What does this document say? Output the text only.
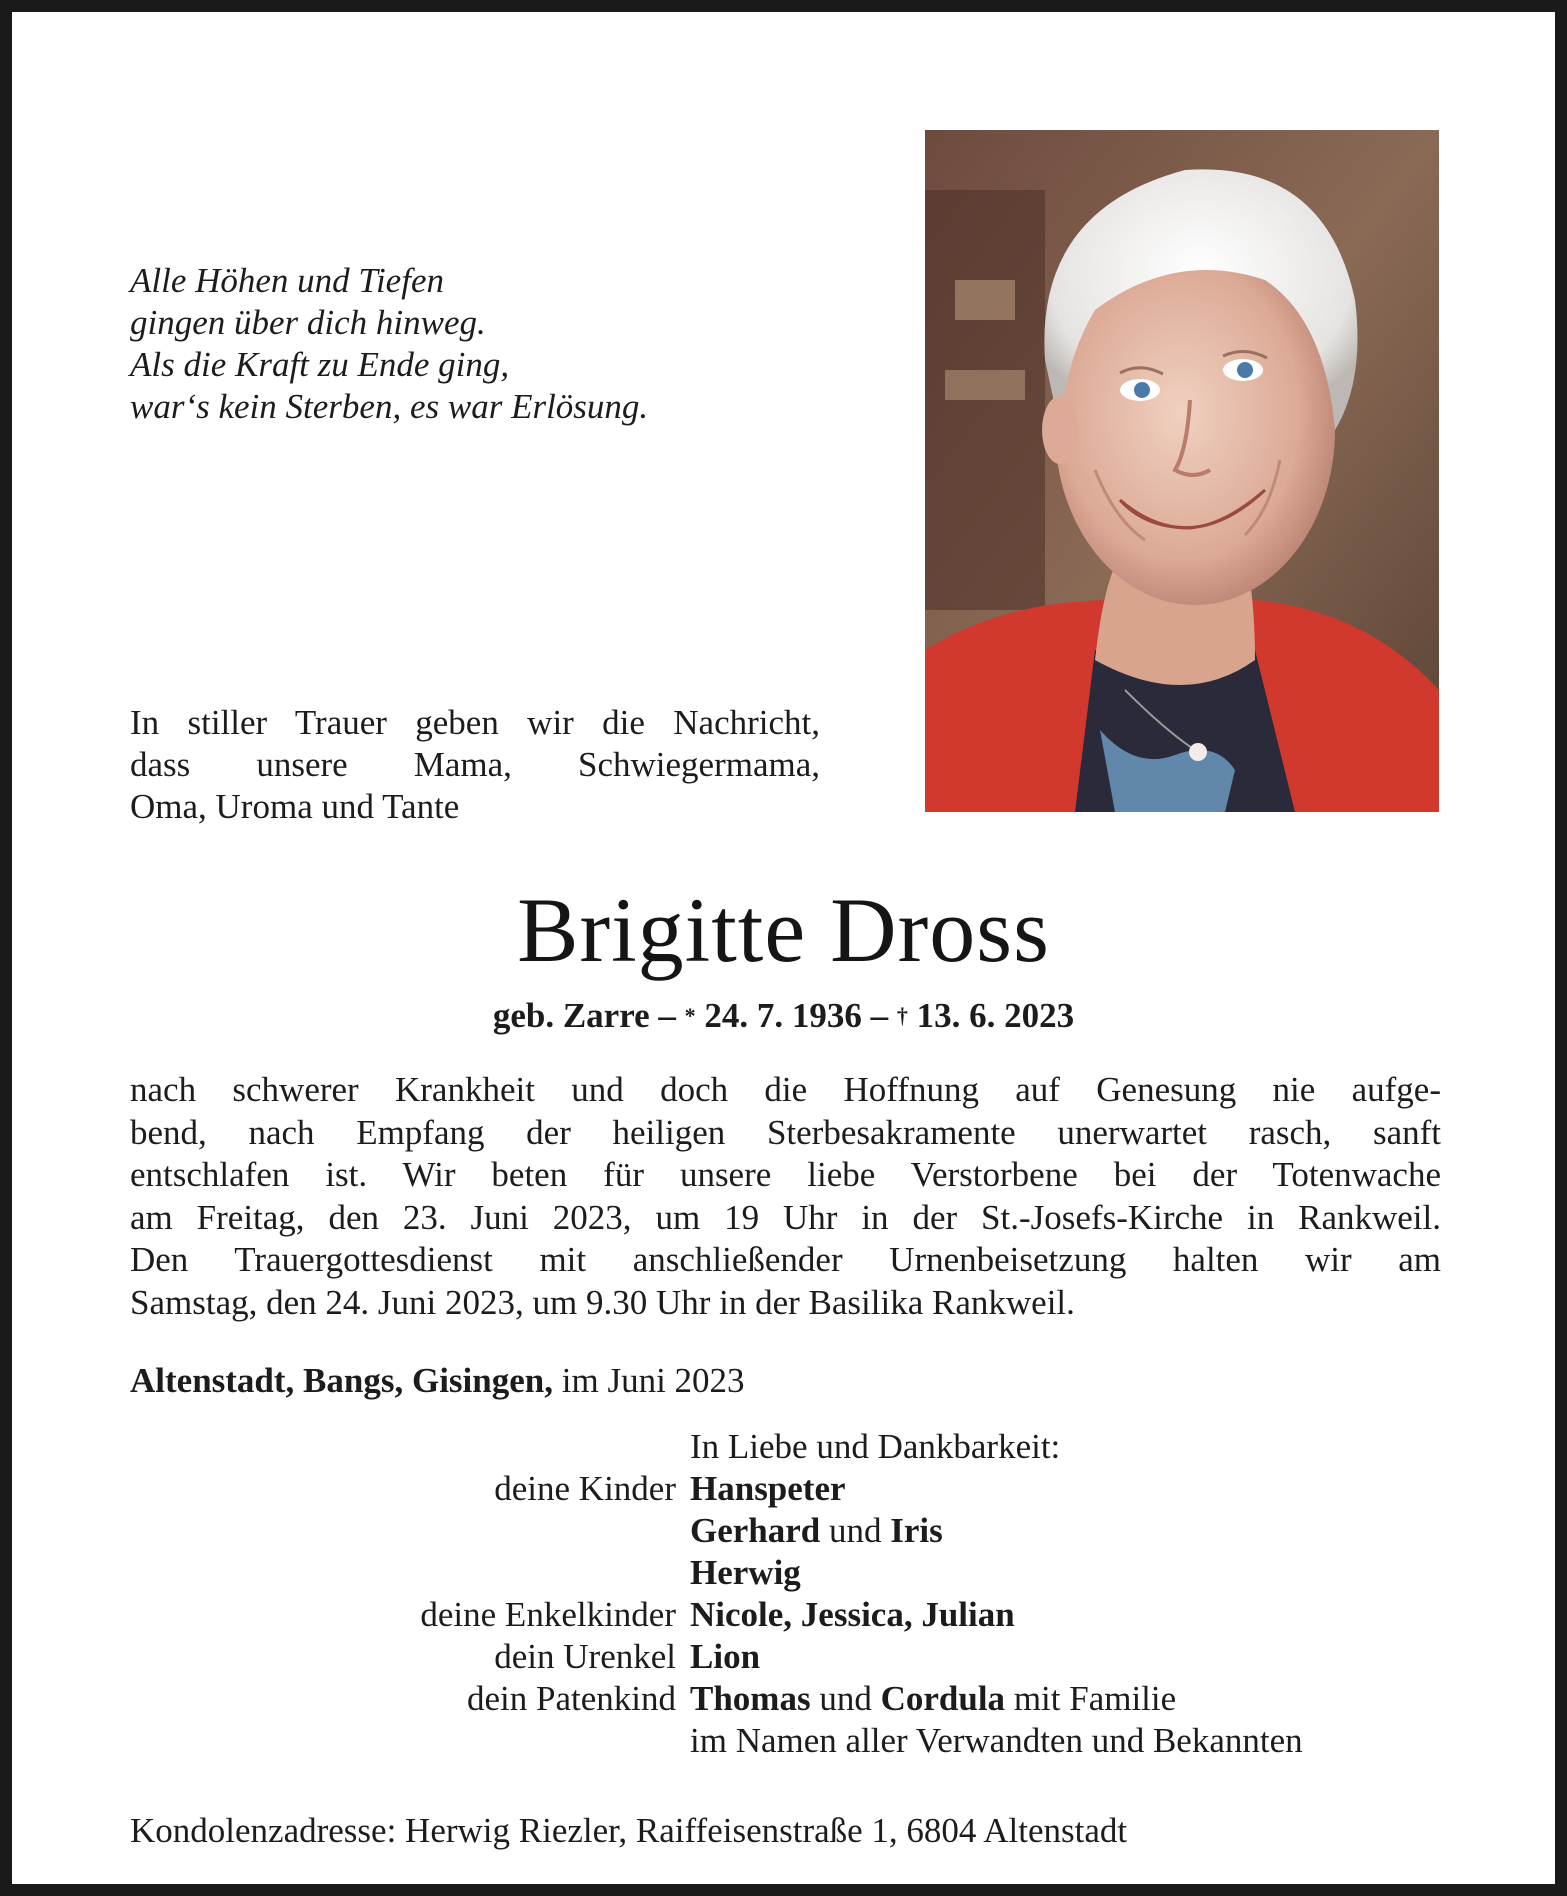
Alle Höhen und Tiefen
gingen über dich hinweg.
Als die Kraft zu Ende ging,
war‘s kein Sterben, es war Erlösung.
In stiller Trauer geben wir die Nachricht,
dass unsere Mama, Schwiegermama,
Oma, Uroma und Tante
Brigitte Dross
geb. Zarre – * 24. 7. 1936 – † 13. 6. 2023
nach schwerer Krankheit und doch die Hoffnung auf Genesung nie aufge-
bend, nach Empfang der heiligen Sterbesakramente unerwartet rasch, sanft
entschlafen ist. Wir beten für unsere liebe Verstorbene bei der Totenwache
am Freitag, den 23. Juni 2023, um 19 Uhr in der St.-Josefs-Kirche in Rankweil.
Den Trauergottesdienst mit anschließender Urnenbeisetzung halten wir am
Samstag, den 24. Juni 2023, um 9.30 Uhr in der Basilika Rankweil.
Altenstadt, Bangs, Gisingen, im Juni 2023
In Liebe und Dankbarkeit:
deine Kinder Hanspeter
Gerhard und Iris
Herwig
deine Enkelkinder Nicole, Jessica, Julian
dein Urenkel Lion
dein Patenkind Thomas und Cordula mit Familie
im Namen aller Verwandten und Bekannten
Kondolenzadresse: Herwig Riezler, Raiffeisenstraße 1, 6804 Altenstadt
